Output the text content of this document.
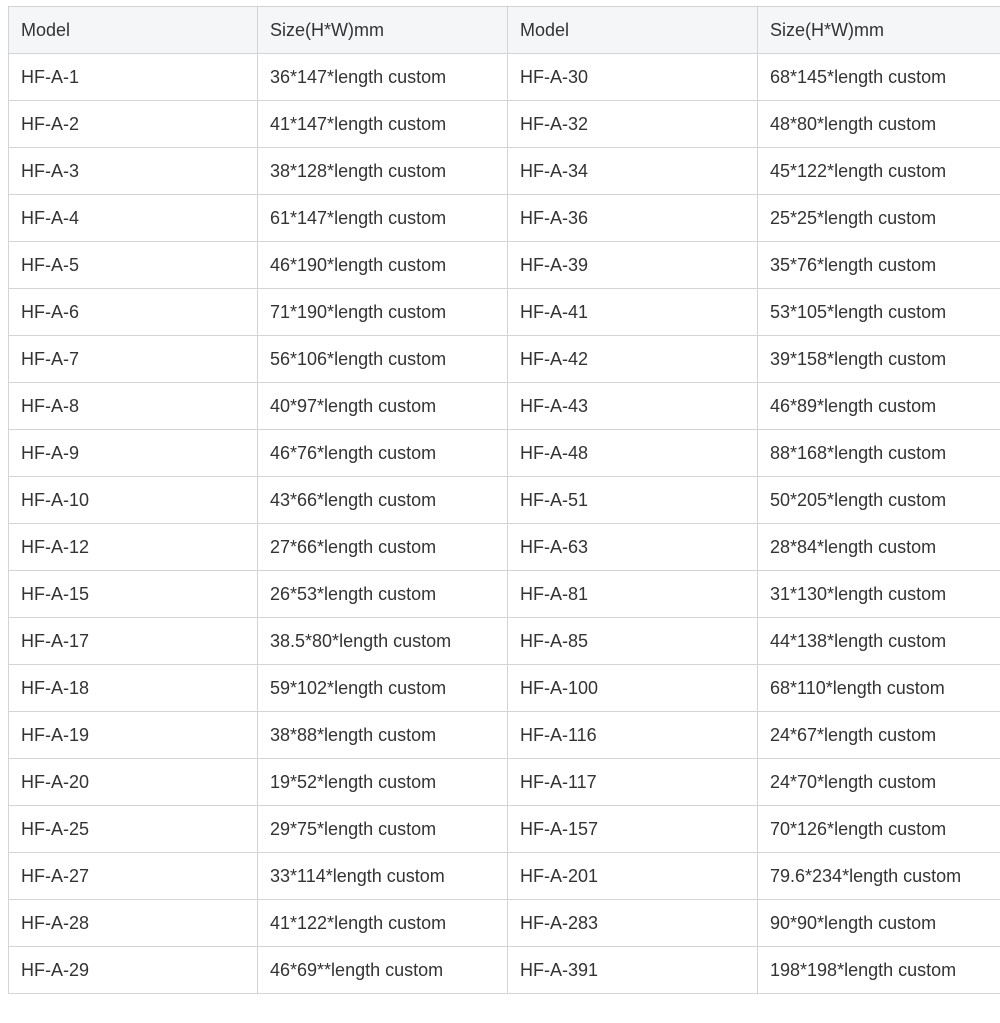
Model	Size(H*W)mm	Model	Size(H*W)mm
HF-A-1	36*147*length custom	HF-A-30	68*145*length custom
HF-A-2	41*147*length custom	HF-A-32	48*80*length custom
HF-A-3	38*128*length custom	HF-A-34	45*122*length custom
HF-A-4	61*147*length custom	HF-A-36	25*25*length custom
HF-A-5	46*190*length custom	HF-A-39	35*76*length custom
HF-A-6	71*190*length custom	HF-A-41	53*105*length custom
HF-A-7	56*106*length custom	HF-A-42	39*158*length custom
HF-A-8	40*97*length custom	HF-A-43	46*89*length custom
HF-A-9	46*76*length custom	HF-A-48	88*168*length custom
HF-A-10	43*66*length custom	HF-A-51	50*205*length custom
HF-A-12	27*66*length custom	HF-A-63	28*84*length custom
HF-A-15	26*53*length custom	HF-A-81	31*130*length custom
HF-A-17	38.5*80*length custom	HF-A-85	44*138*length custom
HF-A-18	59*102*length custom	HF-A-100	68*110*length custom
HF-A-19	38*88*length custom	HF-A-116	24*67*length custom
HF-A-20	19*52*length custom	HF-A-117	24*70*length custom
HF-A-25	29*75*length custom	HF-A-157	70*126*length custom
HF-A-27	33*114*length custom	HF-A-201	79.6*234*length custom
HF-A-28	41*122*length custom	HF-A-283	90*90*length custom
HF-A-29	46*69**length custom	HF-A-391	198*198*length custom
